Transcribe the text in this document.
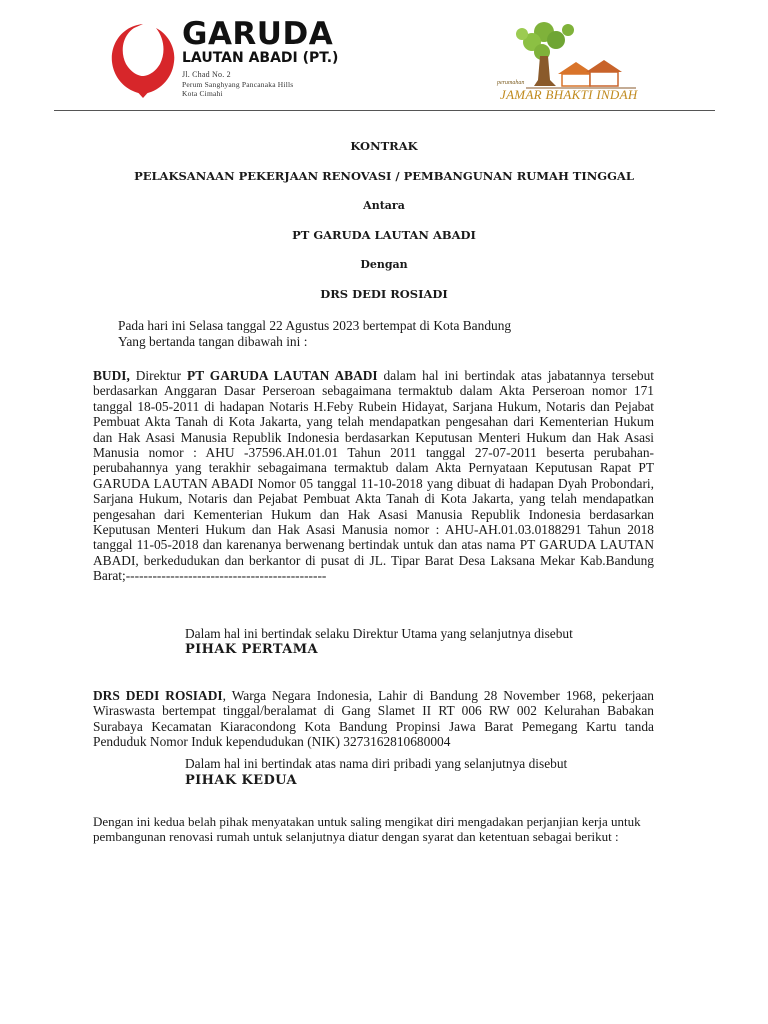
GARUDA
LAUTAN ABADI (PT.)
Jl. Chad No. 2
Perum Sanghyang Pancanaka Hills
Kota Cimahi
perumahan
JAMAR BHAKTI INDAH
KONTRAK
PELAKSANAAN PEKERJAAN RENOVASI / PEMBANGUNAN RUMAH TINGGAL
Antara
PT GARUDA LAUTAN ABADI
Dengan
DRS DEDI ROSIADI
Pada hari ini Selasa tanggal 22 Agustus 2023 bertempat di Kota Bandung
Yang bertanda tangan dibawah ini :
BUDI, Direktur PT GARUDA LAUTAN ABADI dalam hal ini bertindak atas jabatannya tersebut berdasarkan Anggaran Dasar Perseroan sebagaimana termaktub dalam Akta Perseroan nomor 171 tanggal 18-05-2011 di hadapan Notaris H.Feby Rubein Hidayat, Sarjana Hukum, Notaris dan Pejabat Pembuat Akta Tanah di Kota Jakarta, yang telah mendapatkan pengesahan dari Kementerian Hukum dan Hak Asasi Manusia Republik Indonesia berdasarkan Keputusan Menteri Hukum dan Hak Asasi Manusia nomor : AHU -37596.AH.01.01 Tahun 2011 tanggal 27-07-2011 beserta perubahan-perubahannya yang terakhir sebagaimana termaktub dalam Akta Pernyataan Keputusan Rapat PT GARUDA LAUTAN ABADI Nomor 05 tanggal 11-10-2018 yang dibuat di hadapan Dyah Probondari, Sarjana Hukum, Notaris dan Pejabat Pembuat Akta Tanah di Kota Jakarta, yang telah mendapatkan pengesahan dari Kementerian Hukum dan Hak Asasi Manusia Republik Indonesia berdasarkan Keputusan Menteri Hukum dan Hak Asasi Manusia nomor : AHU-AH.01.03.0188291 Tahun 2018 tanggal 11-05-2018 dan karenanya berwenang bertindak untuk dan atas nama PT GARUDA LAUTAN ABADI, berkedudukan dan berkantor di pusat di JL. Tipar Barat Desa Laksana Mekar Kab.Bandung Barat;---------------------------------------------
Dalam hal ini bertindak selaku Direktur Utama yang selanjutnya disebut
PIHAK PERTAMA
DRS DEDI ROSIADI, Warga Negara Indonesia, Lahir di Bandung 28 November 1968, pekerjaan Wiraswasta bertempat tinggal/beralamat di Gang Slamet II RT 006 RW 002 Kelurahan Babakan Surabaya Kecamatan Kiaracondong Kota Bandung Propinsi Jawa Barat Pemegang Kartu tanda Penduduk Nomor Induk kependudukan (NIK) 3273162810680004
Dalam hal ini bertindak atas nama diri pribadi yang selanjutnya disebut
PIHAK KEDUA
Dengan ini kedua belah pihak menyatakan untuk saling mengikat diri mengadakan perjanjian kerja untuk pembangunan renovasi rumah untuk selanjutnya diatur dengan syarat dan ketentuan sebagai berikut :
